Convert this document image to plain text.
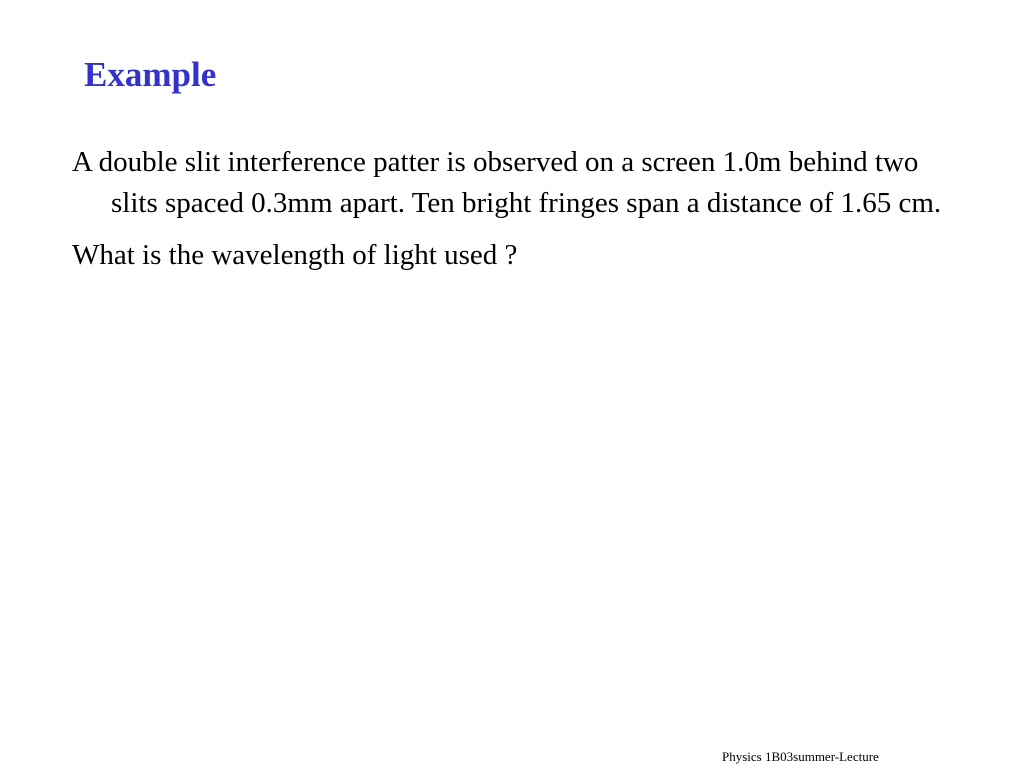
Example

A double slit interference patter is observed on a screen 1.0m behind two slits spaced 0.3mm apart. Ten bright fringes span a distance of 1.65 cm.

What is the wavelength of light used ?

Physics 1B03summer-Lecture
